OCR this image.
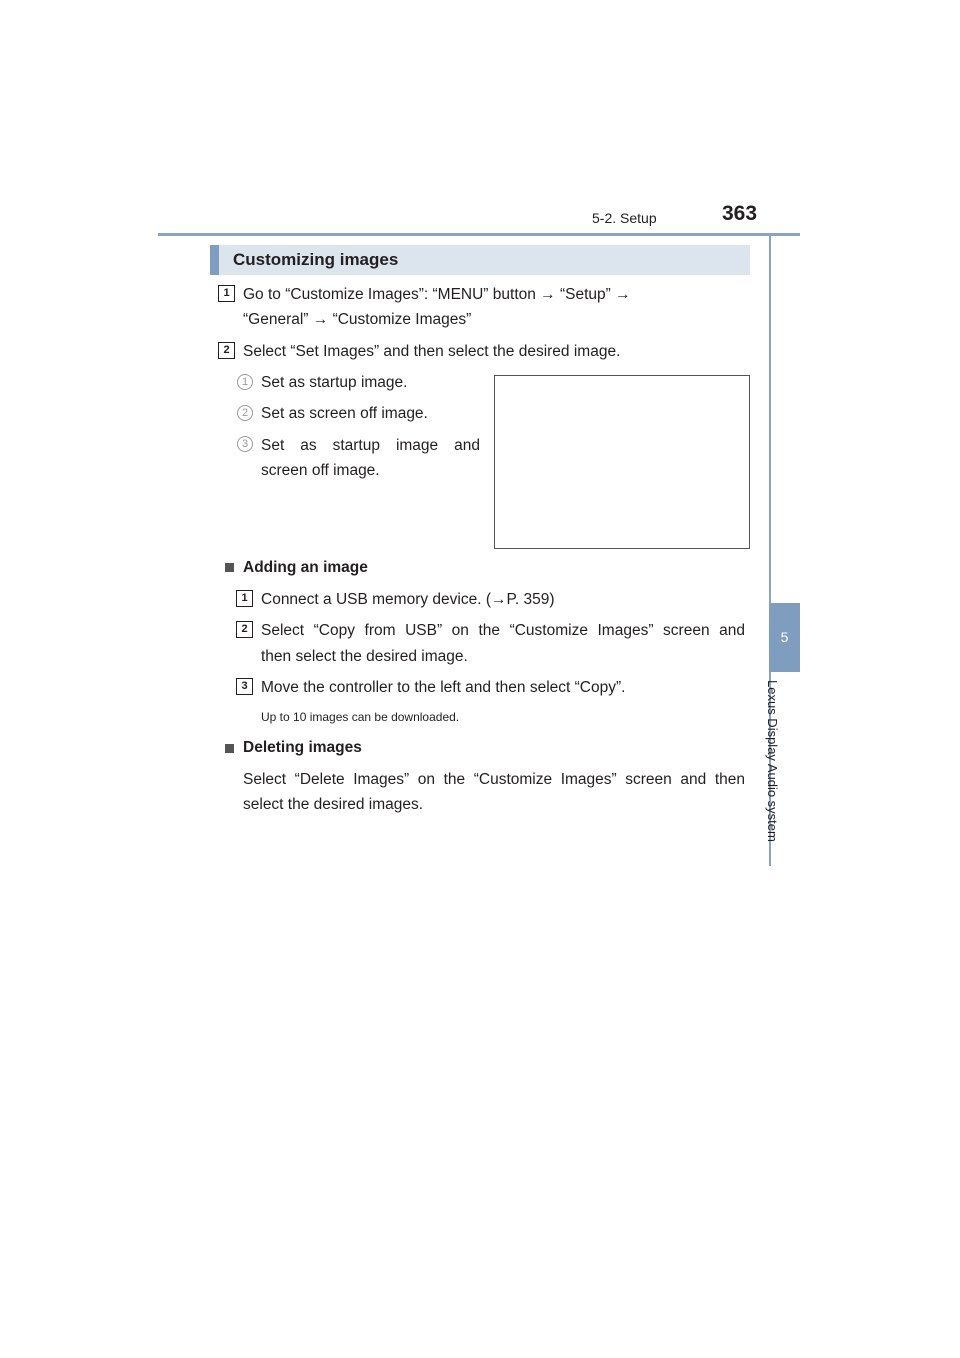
5-2. Setup	363
5
Lexus Display Audio system
Customizing images
1 Go to “Customize Images”: “MENU” button → “Setup” →
“General” → “Customize Images”
2 Select “Set Images” and then select the desired image.
1 Set as startup image.
2 Set as screen off image.
3 Set as startup image and
screen off image.
Adding an image
1 Connect a USB memory device. (→P. 359)
2 Select “Copy from USB” on the “Customize Images” screen and
then select the desired image.
3 Move the controller to the left and then select “Copy”.
Up to 10 images can be downloaded.
Deleting images
Select “Delete Images” on the “Customize Images” screen and then
select the desired images.
